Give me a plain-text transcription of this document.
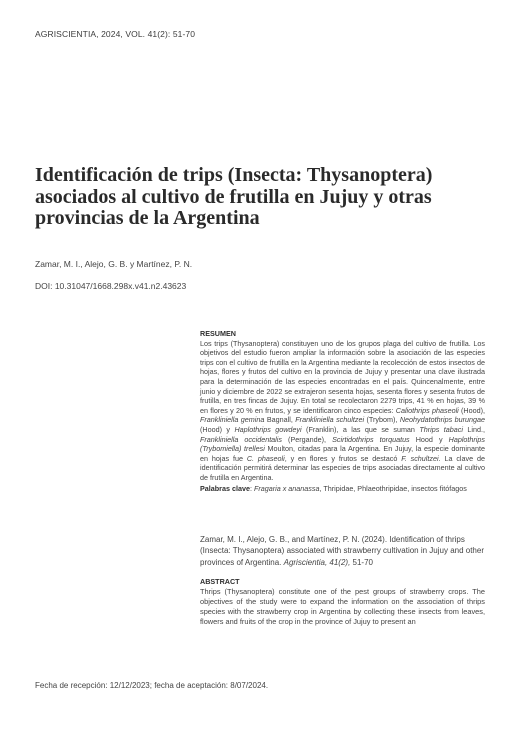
AGRISCIENTIA, 2024, VOL. 41(2): 51-70
Identificación de trips (Insecta: Thysanoptera) asociados al cultivo de frutilla en Jujuy y otras provincias de la Argentina
Zamar, M. I., Alejo, G. B. y Martínez, P. N.
DOI: 10.31047/1668.298x.v41.n2.43623
RESUMEN

Los trips (Thysanoptera) constituyen uno de los grupos plaga del cultivo de frutilla. Los objetivos del estudio fueron ampliar la información sobre la asociación de las especies trips con el cultivo de frutilla en la Argentina mediante la recolección de estos insectos de hojas, flores y frutos del cultivo en la provincia de Jujuy y presentar una clave ilustrada para la determinación de las especies encontradas en el país. Quincenalmente, entre junio y diciembre de 2022 se extrajeron sesenta hojas, sesenta flores y sesenta frutos de frutilla, en tres fincas de Jujuy. En total se recolectaron 2279 trips, 41 % en hojas, 39 % en flores y 20 % en frutos, y se identificaron cinco especies: Caliothrips phaseoli (Hood), Frankliniella gemina Bagnall, Frankliniella schultzei (Trybom), Neohydatothrips burungae (Hood) y Haplothrips gowdeyi (Franklin), a las que se suman Thrips tabaci Lind., Frankliniella occidentalis (Pergande), Scirtidothrips torquatus Hood y Haplothrips (Trybomiella) trellesi Moulton, citadas para la Argentina. En Jujuy, la especie dominante en hojas fue C. phaseoli, y en flores y frutos se destacó F. schultzei. La clave de identificación permitirá determinar las especies de trips asociadas directamente al cultivo de frutilla en Argentina.

Palabras clave: Fragaria x ananassa, Thripidae, Phlaeothripidae, insectos fitófagos

Zamar, M. I., Alejo, G. B., and Martínez, P. N. (2024). Identification of thrips (Insecta: Thysanoptera) associated with strawberry cultivation in Jujuy and other provinces of Argentina. Agriscientia, 41(2), 51-70

ABSTRACT

Thrips (Thysanoptera) constitute one of the pest groups of strawberry crops. The objectives of the study were to expand the information on the association of thrips species with the strawberry crop in Argentina by collecting these insects from leaves, flowers and fruits of the crop in the province of Jujuy to present an

Fecha de recepción: 12/12/2023; fecha de aceptación: 8/07/2024.
